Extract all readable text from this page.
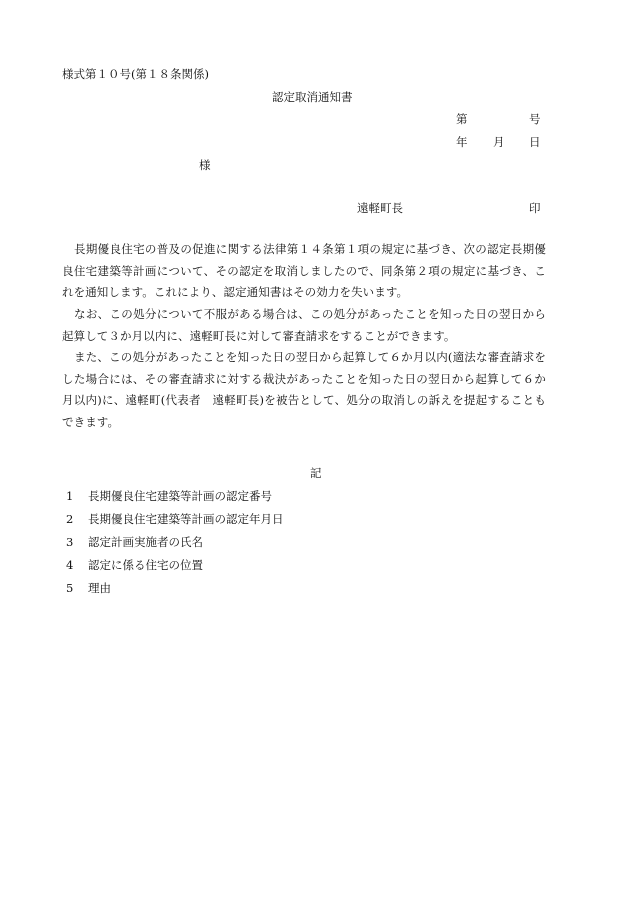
様式第１０号(第１８条関係)
認定取消通知書
第	号
年 月 日
様
遠軽町長	印
長期優良住宅の普及の促進に関する法律第１４条第１項の規定に基づき、次の認定長期優良住宅建築等計画について、その認定を取消しましたので、同条第２項の規定に基づき、これを通知します。これにより、認定通知書はその効力を失います。
なお、この処分について不服がある場合は、この処分があったことを知った日の翌日から起算して３か月以内に、遠軽町長に対して審査請求をすることができます。
また、この処分があったことを知った日の翌日から起算して６か月以内(適法な審査請求をした場合には、その審査請求に対する裁決があったことを知った日の翌日から起算して６か月以内)に、遠軽町(代表者　遠軽町長)を被告として、処分の取消しの訴えを提起することもできます。
記
1 長期優良住宅建築等計画の認定番号
2 長期優良住宅建築等計画の認定年月日
3 認定計画実施者の氏名
4 認定に係る住宅の位置
5 理由
